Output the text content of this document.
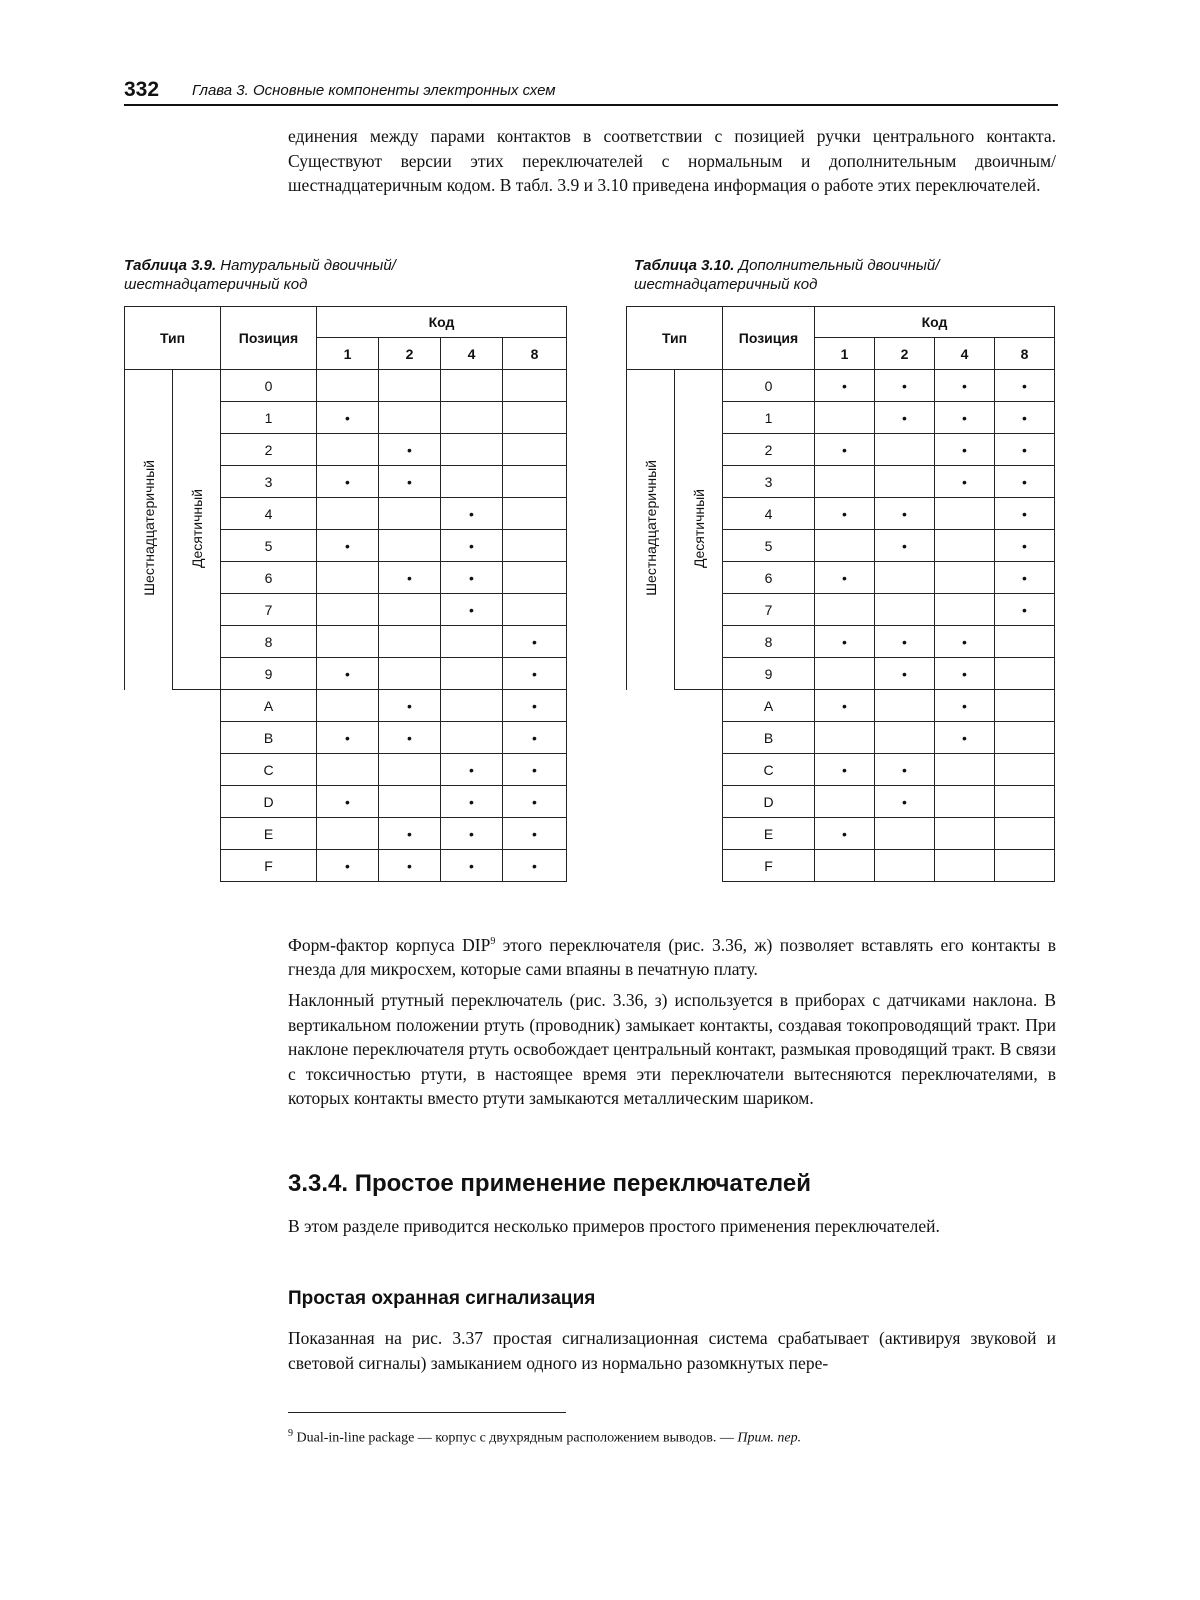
332 Глава 3. Основные компоненты электронных схем

единения между парами контактов в соответствии с позицией ручки центрального контакта. Существуют версии этих переключателей с нормальным и дополнительным двоичным/шестнадцатеричным кодом. В табл. 3.9 и 3.10 приведена информация о работе этих переключателей.

Таблица 3.9. Натуральный двоичный/шестнадцатеричный код
Таблица 3.10. Дополнительный двоичный/шестнадцатеричный код
Тип		Позиция	Код			
			1	2	4	8
Шестнадцатеричный	Десятичный	0				
		1	•			
		2		•		
		3	•	•		
		4			•	
		5	•		•	
		6		•	•	
		7			•	
		8				•
		9	•			•
		A		•		•
		B	•	•		•
		C			•	•
		D	•		•	•
		E		•	•	•
		F	•	•	•	•
Тип		Позиция	Код			
			1	2	4	8
Шестнадцатеричный	Десятичный	0	•	•	•	•
		1		•	•	•
		2	•		•	•
		3			•	•
		4	•	•		•
		5		•		•
		6	•			•
		7				•
		8	•	•	•	
		9		•	•	
		A	•		•	
		B			•	
		C	•	•		
		D		•		
		E	•			
		F				

Форм-фактор корпуса DIP$^9$ этого переключателя (рис. 3.36, ж) позволяет вставлять его контакты в гнезда для микросхем, которые сами впаяны в печатную плату.

Наклонный ртутный переключатель (рис. 3.36, з) используется в приборах с датчиками наклона. В вертикальном положении ртуть (проводник) замыкает контакты, создавая токопроводящий тракт. При наклоне переключателя ртуть освобождает центральный контакт, размыкая проводящий тракт. В связи с токсичностью ртути, в настоящее время эти переключатели вытесняются переключателями, в которых контакты вместо ртути замыкаются металлическим шариком.

3.3.4. Простое применение переключателей

В этом разделе приводится несколько примеров простого применения переключателей.

Простая охранная сигнализация

Показанная на рис. 3.37 простая сигнализационная система срабатывает (активируя звуковой и световой сигналы) замыканием одного из нормально разомкнутых пере-

$^9$ Dual-in-line package — корпус с двухрядным расположением выводов. — Прим. пер.
